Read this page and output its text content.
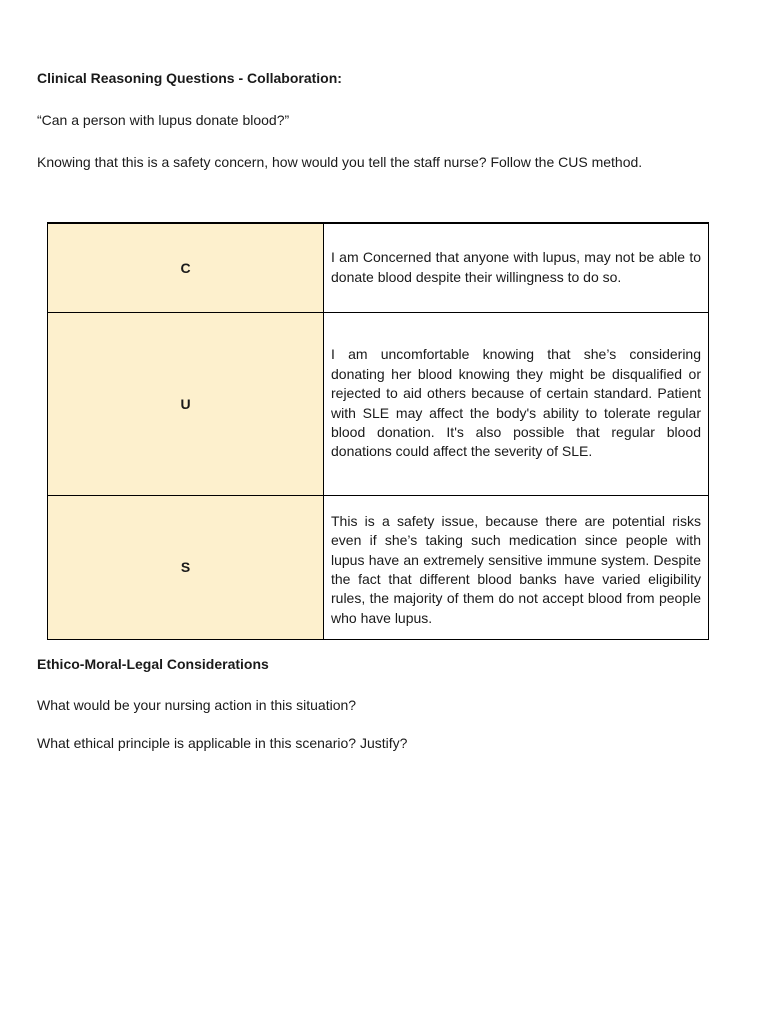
Clinical Reasoning Questions - Collaboration:
“Can a person with lupus donate blood?”
Knowing that this is a safety concern, how would you tell the staff nurse? Follow the CUS method.
C	I am Concerned that anyone with lupus, may not be able to donate blood despite their willingness to do so.
U	I am uncomfortable knowing that she’s considering donating her blood knowing they might be disqualified or rejected to aid others because of certain standard. Patient with SLE may affect the body's ability to tolerate regular blood donation. It's also possible that regular blood donations could affect the severity of SLE.
S	This is a safety issue, because there are potential risks even if she’s taking such medication since people with lupus have an extremely sensitive immune system. Despite the fact that different blood banks have varied eligibility rules, the majority of them do not accept blood from people who have lupus.
Ethico-Moral-Legal Considerations
What would be your nursing action in this situation?
What ethical principle is applicable in this scenario? Justify?
